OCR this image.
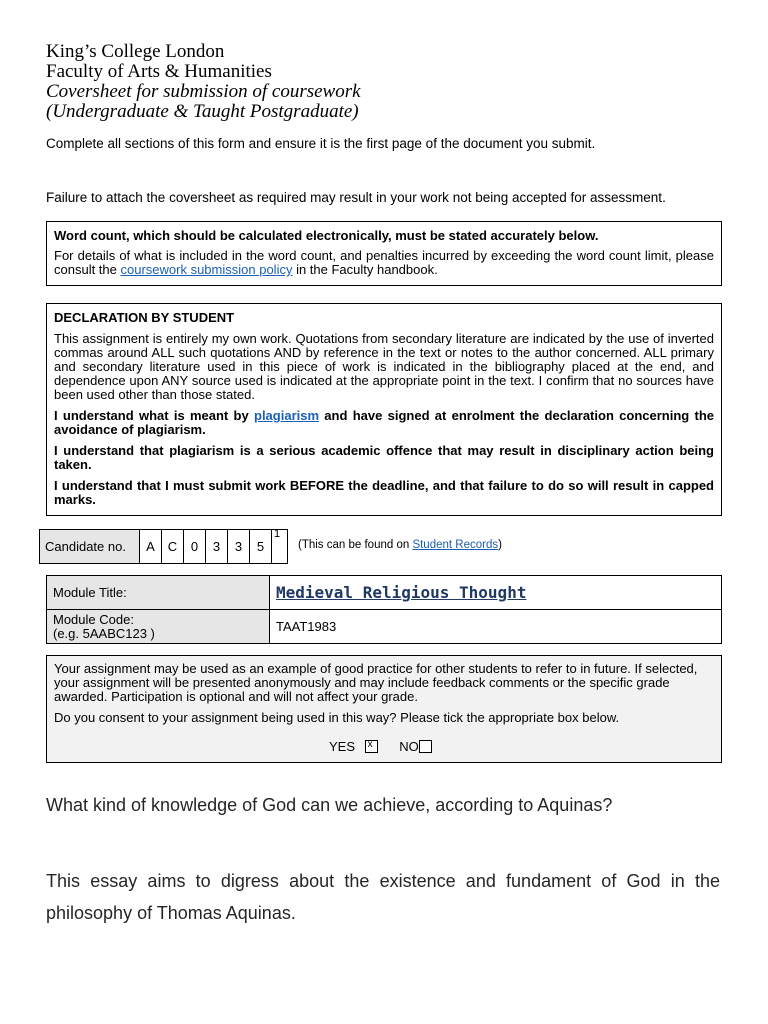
King’s College London
Faculty of Arts & Humanities
Coversheet for submission of coursework
(Undergraduate & Taught Postgraduate)
Complete all sections of this form and ensure it is the first page of the document you submit.
Failure to attach the coversheet as required may result in your work not being accepted for assessment.
Word count, which should be calculated electronically, must be stated accurately below.
For details of what is included in the word count, and penalties incurred by exceeding the word count limit, please consult the coursework submission policy in the Faculty handbook.
DECLARATION BY STUDENT
This assignment is entirely my own work. Quotations from secondary literature are indicated by the use of inverted commas around ALL such quotations AND by reference in the text or notes to the author concerned. ALL primary and secondary literature used in this piece of work is indicated in the bibliography placed at the end, and dependence upon ANY source used is indicated at the appropriate point in the text. I confirm that no sources have been used other than those stated.
I understand what is meant by plagiarism and have signed at enrolment the declaration concerning the avoidance of plagiarism.
I understand that plagiarism is a serious academic offence that may result in disciplinary action being taken.
I understand that I must submit work BEFORE the deadline, and that failure to do so will result in capped marks.
Candidate no.	A C	0	3	3	5
1
(This can be found on Student Records)
Module Title:	Medieval Religious Thought

Module Code:
(e.g. 5AABC123 )	TAAT1983
Your assignment may be used as an example of good practice for other students to refer to in future. If selected, your assignment will be presented anonymously and may include feedback comments or the specific grade awarded. Participation is optional and will not affect your grade.
Do you consent to your assignment being used in this way? Please tick the appropriate box below.
YES x NO
What kind of knowledge of God can we achieve, according to Aquinas?
This essay aims to digress about the existence and fundament of God in the philosophy of Thomas Aquinas.
